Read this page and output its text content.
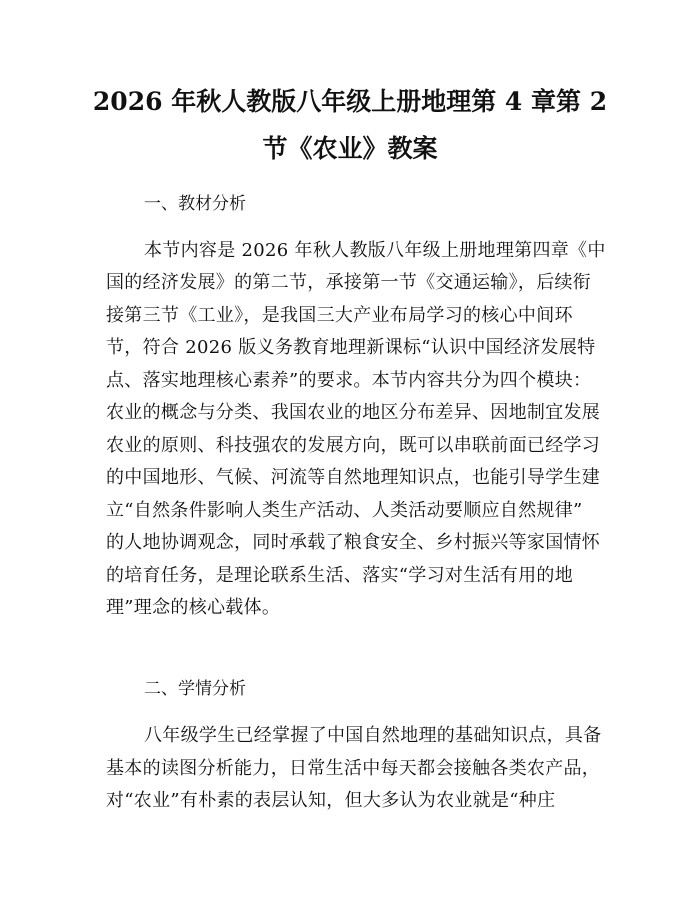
2026 年秋人教版八年级上册地理第 4 章第 2
节《农业》教案

一、教材分析

本节内容是 2026 年秋人教版八年级上册地理第四章《中

国的经济发展》的第二节，承接第一节《交通运输》，后续衔

接第三节《工业》，是我国三大产业布局学习的核心中间环

节，符合 2026 版义务教育地理新课标“认识中国经济发展特

点、落实地理核心素养”的要求。本节内容共分为四个模块：

农业的概念与分类、我国农业的地区分布差异、因地制宜发展

农业的原则、科技强农的发展方向，既可以串联前面已经学习

的中国地形、气候、河流等自然地理知识点，也能引导学生建

立“自然条件影响人类生产活动、人类活动要顺应自然规律”

的人地协调观念，同时承载了粮食安全、乡村振兴等家国情怀

的培育任务，是理论联系生活、落实“学习对生活有用的地

理”理念的核心载体。

二、学情分析

八年级学生已经掌握了中国自然地理的基础知识点，具备

基本的读图分析能力，日常生活中每天都会接触各类农产品，

对“农业”有朴素的表层认知，但大多认为农业就是“种庄
